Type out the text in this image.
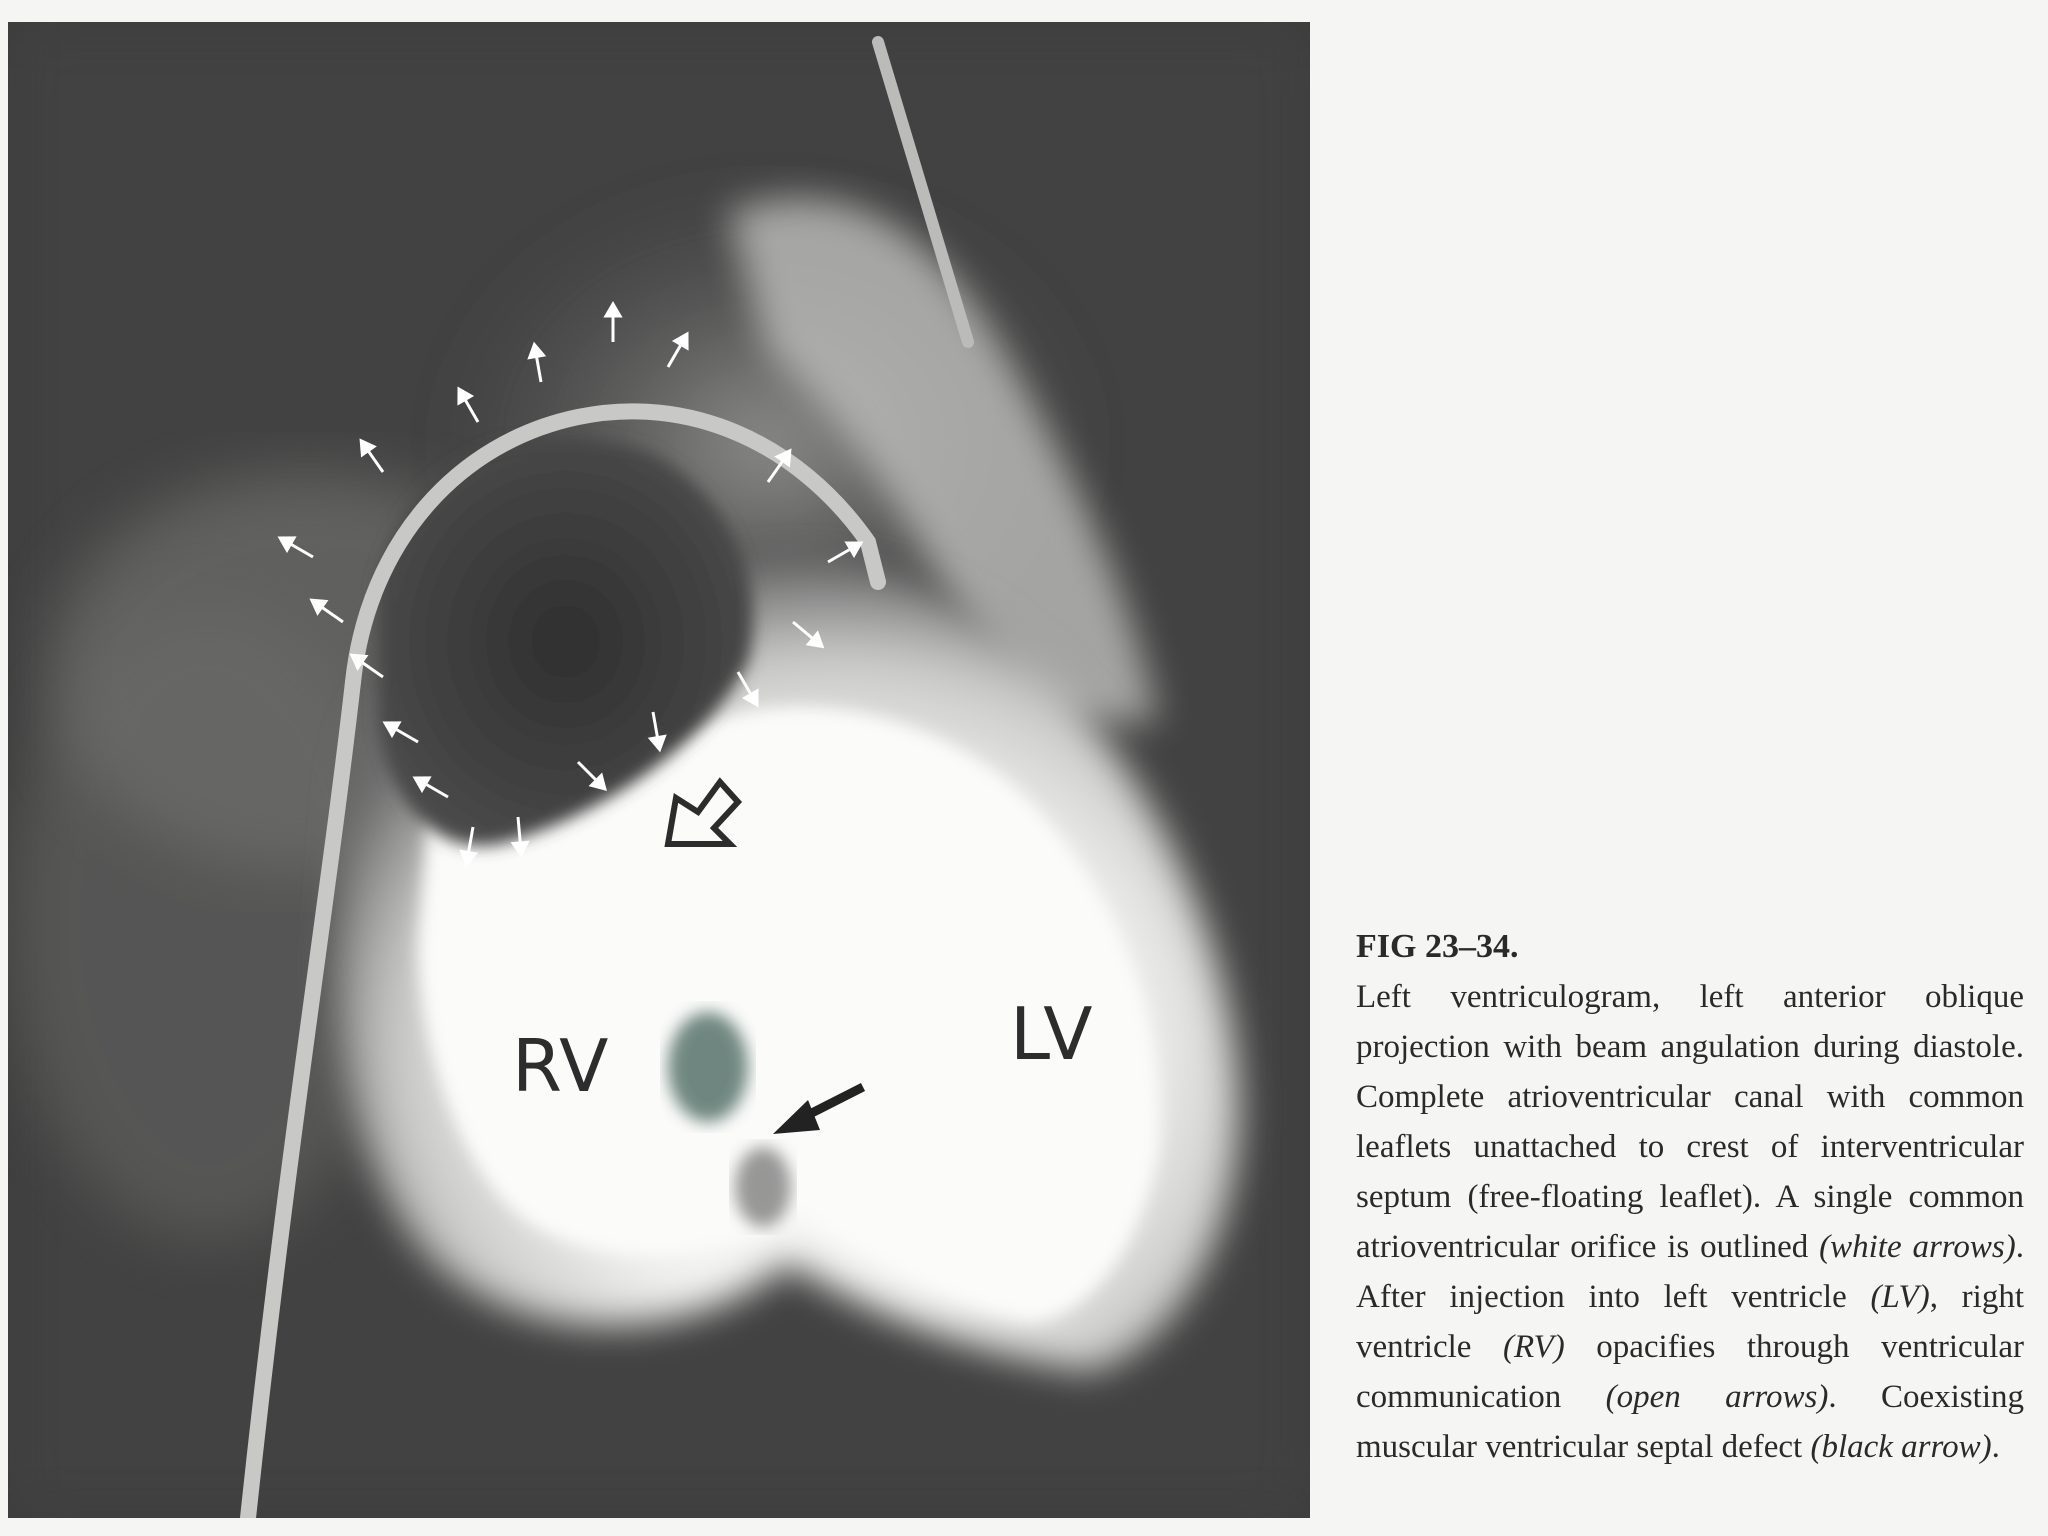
RV	LV
FIG 23–34.
Left ventriculogram, left anterior oblique projection with beam angulation during diastole. Complete atrioventricular canal with common leaflets unattached to crest of interventricular septum (free-floating leaflet). A single common atrioventricular orifice is outlined (white arrows). After injection into left ventricle (LV), right ventricle (RV) opacifies through ventricular communication (open arrows). Coexisting muscular ventricular septal defect (black arrow).
